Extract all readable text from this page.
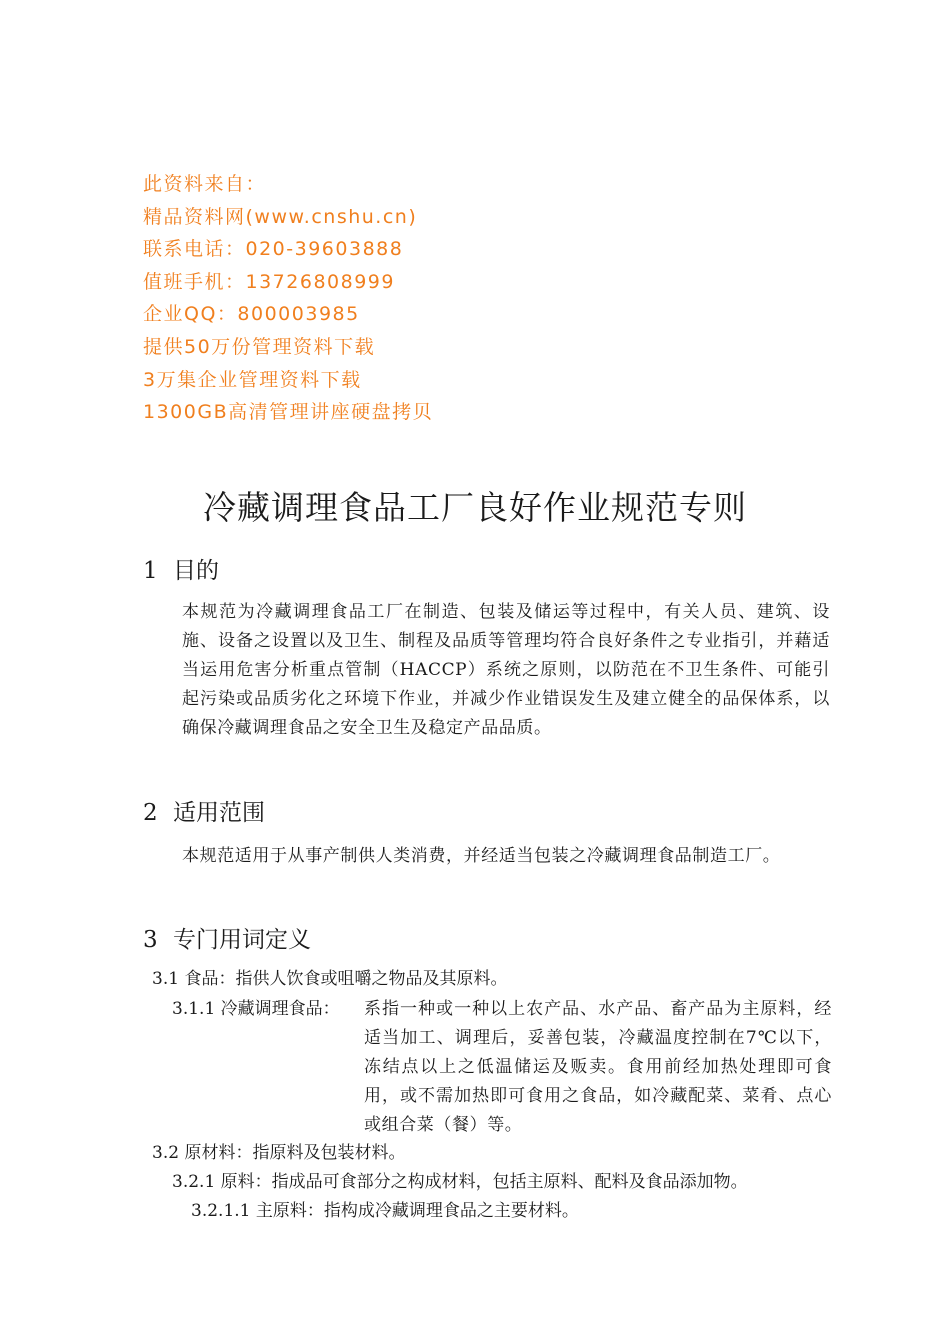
此资料来自：
精品资料网(www.cnshu.cn)
联系电话：020-39603888
值班手机：13726808999
企业QQ：800003985
提供50万份管理资料下载
3万集企业管理资料下载
1300GB高清管理讲座硬盘拷贝
冷藏调理食品工厂良好作业规范专则
1 目的
本规范为冷藏调理食品工厂在制造、包装及储运等过程中，有关人员、建筑、设施、设备之设置以及卫生、制程及品质等管理均符合良好条件之专业指引，并藉适当运用危害分析重点管制（HACCP）系统之原则，以防范在不卫生条件、可能引起污染或品质劣化之环境下作业，并减少作业错误发生及建立健全的品保体系，以确保冷藏调理食品之安全卫生及稳定产品品质。
2 适用范围
本规范适用于从事产制供人类消费，并经适当包装之冷藏调理食品制造工厂。
3 专门用词定义
3.1 食品：指供人饮食或咀嚼之物品及其原料。
3.1.1 冷藏调理食品： 系指一种或一种以上农产品、水产品、畜产品为主原料，经适当加工、调理后，妥善包装，冷藏温度控制在7℃以下，冻结点以上之低温储运及贩卖。食用前经加热处理即可食用，或不需加热即可食用之食品，如冷藏配菜、菜肴、点心或组合菜（餐）等。
3.2 原材料：指原料及包装材料。
3.2.1 原料：指成品可食部分之构成材料，包括主原料、配料及食品添加物。
3.2.1.1 主原料：指构成冷藏调理食品之主要材料。
